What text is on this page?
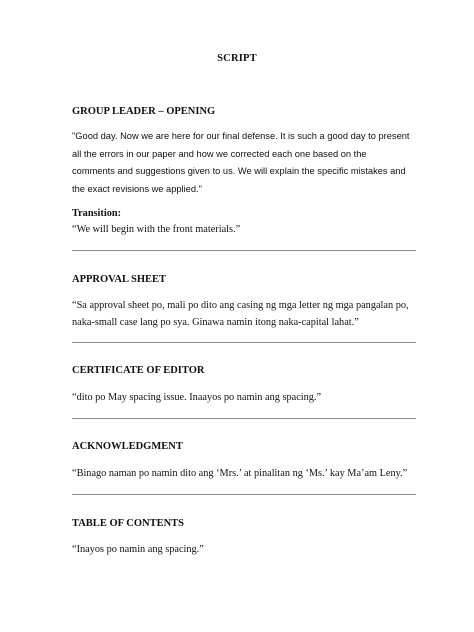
SCRIPT
GROUP LEADER – OPENING
"Good day. Now we are here for our final defense. It is such a good day to present all the errors in our paper and how we corrected each one based on the comments and suggestions given to us. We will explain the specific mistakes and the exact revisions we applied."
Transition:
“We will begin with the front materials.”
APPROVAL SHEET
“Sa approval sheet po, mali po dito ang casing ng mga letter ng mga pangalan po, naka-small case lang po sya. Ginawa namin itong naka-capital lahat.”
CERTIFICATE OF EDITOR
“dito po May spacing issue. Inaayos po namin ang spacing.”
ACKNOWLEDGMENT
“Binago naman po namin dito ang ‘Mrs.’ at pinalitan ng ‘Ms.’ kay Ma’am Leny.”
TABLE OF CONTENTS
“Inayos po namin ang spacing.”
